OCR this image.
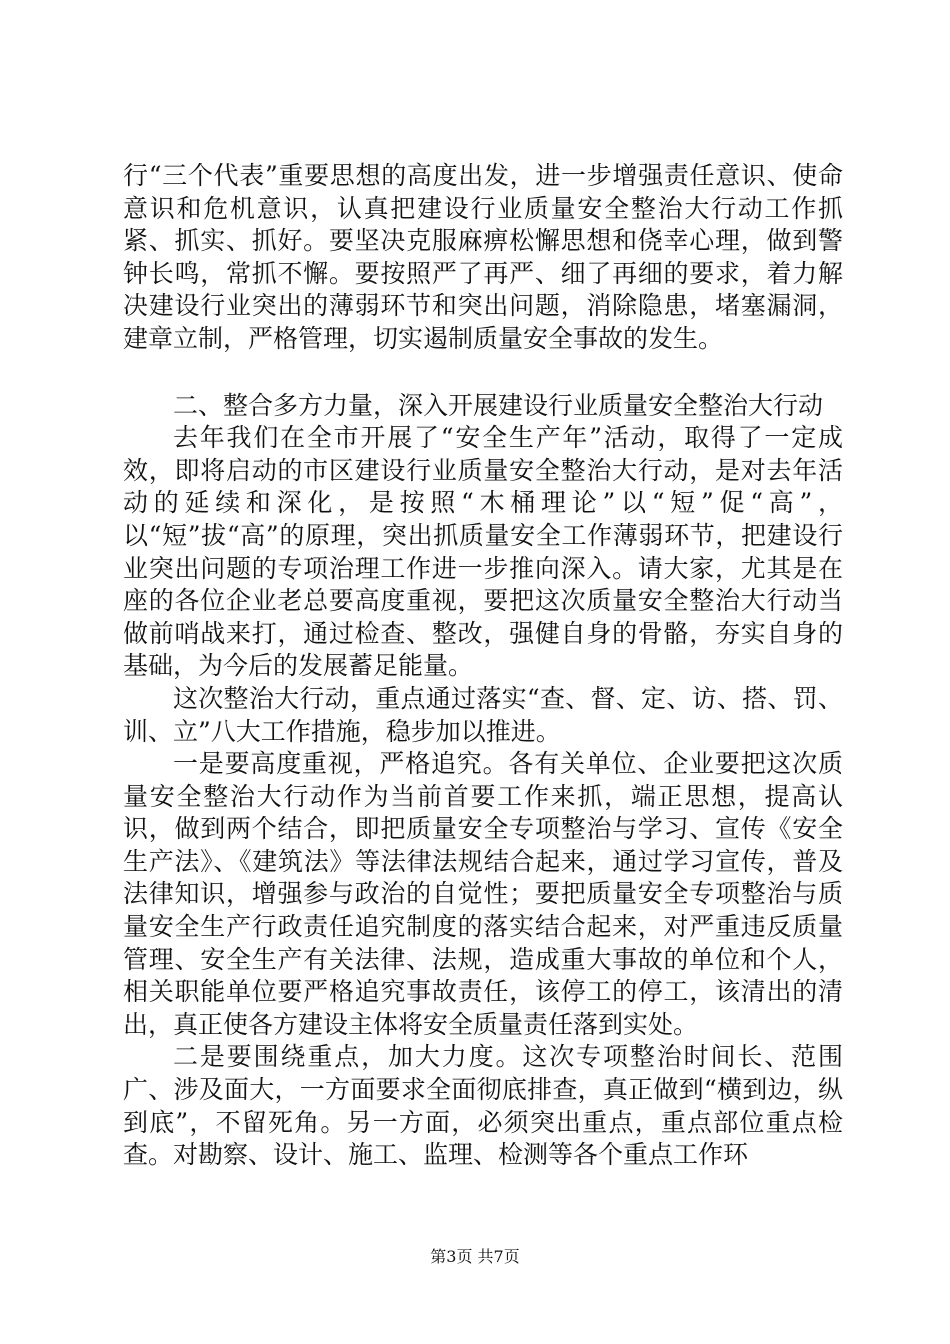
行“三个代表”重要思想的高度出发，进一步增强责任意识、使命意识和危机意识，认真把建设行业质量安全整治大行动工作抓紧、抓实、抓好。要坚决克服麻痹松懈思想和侥幸心理，做到警钟长鸣，常抓不懈。要按照严了再严、细了再细的要求，着力解决建设行业突出的薄弱环节和突出问题，消除隐患，堵塞漏洞，建章立制，严格管理，切实遏制质量安全事故的发生。

二、整合多方力量，深入开展建设行业质量安全整治大行动

去年我们在全市开展了“安全生产年”活动，取得了一定成效，即将启动的市区建设行业质量安全整治大行动，是对去年活动的延续和深化，是按照“木桶理论”以“短”促“高”，以“短”拔“高”的原理，突出抓质量安全工作薄弱环节，把建设行业突出问题的专项治理工作进一步推向深入。请大家，尤其是在座的各位企业老总要高度重视，要把这次质量安全整治大行动当做前哨战来打，通过检查、整改，强健自身的骨骼，夯实自身的基础，为今后的发展蓄足能量。

这次整治大行动，重点通过落实“查、督、定、访、搭、罚、训、立”八大工作措施，稳步加以推进。

一是要高度重视，严格追究。各有关单位、企业要把这次质量安全整治大行动作为当前首要工作来抓，端正思想，提高认识，做到两个结合，即把质量安全专项整治与学习、宣传《安全生产法》、《建筑法》等法律法规结合起来，通过学习宣传，普及法律知识，增强参与政治的自觉性；要把质量安全专项整治与质量安全生产行政责任追究制度的落实结合起来，对严重违反质量管理、安全生产有关法律、法规，造成重大事故的单位和个人，相关职能单位要严格追究事故责任，该停工的停工，该清出的清出，真正使各方建设主体将安全质量责任落到实处。

二是要围绕重点，加大力度。这次专项整治时间长、范围广、涉及面大，一方面要求全面彻底排查，真正做到“横到边，纵到底”，不留死角。另一方面，必须突出重点，重点部位重点检查。对勘察、设计、施工、监理、检测等各个重点工作环

第3页 共7页
